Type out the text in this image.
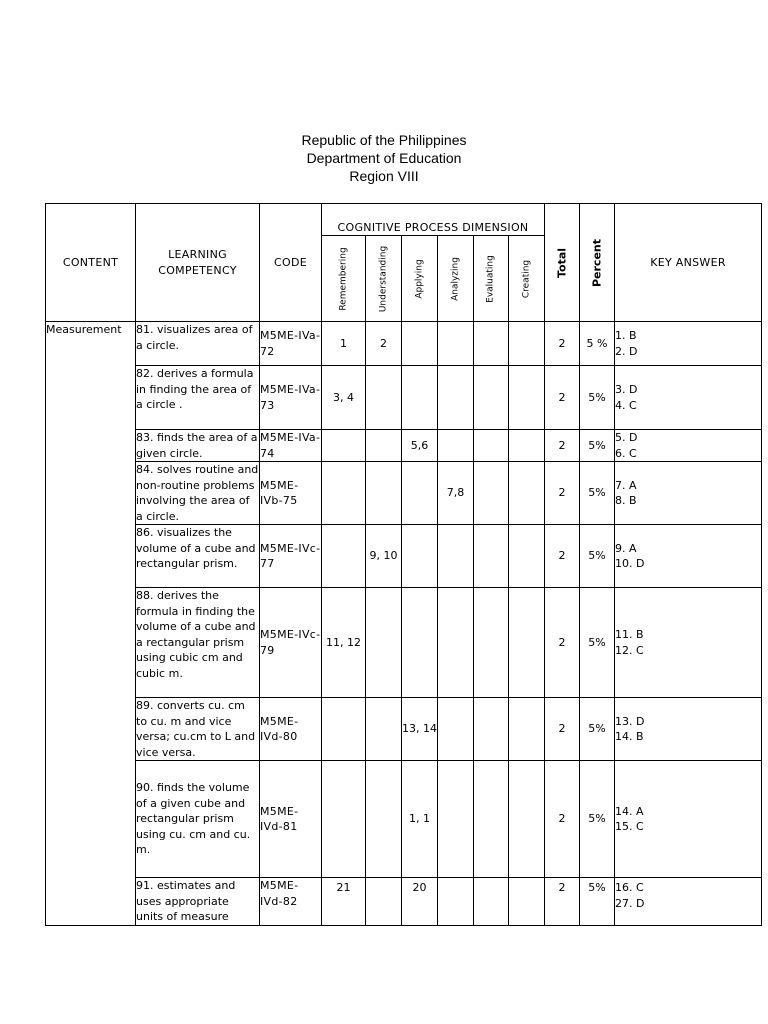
Republic of the Philippines
Department of Education
Region VIII
CONTENT	LEARNING COMPETENCY	CODE	COGNITIVE PROCESS DIMENSION						Total	Percent	KEY ANSWER

			Remembering	Understanding	Applying	Analyzing	Evaluating	Creating			

Measurement	81. visualizes area of a circle.	M5ME-IVa-72	1	2					2	5 %	1. B
2. D

	82. derives a formula in finding the area of a circle .	M5ME-IVa-73	3, 4						2	5%	3. D
4. C

	83. finds the area of a given circle.	M5ME-IVa-74			5,6				2	5%	5. D
6. C

	84. solves routine and non-routine problems involving the area of a circle.	M5ME-IVb-75				7,8			2	5%	7. A
8. B

	86. visualizes the volume of a cube and rectangular prism.	M5ME-IVc-77		9, 10					2	5%	9. A
10. D

	88. derives the formula in finding the volume of a cube and a rectangular prism using cubic cm and cubic m.	M5ME-IVc-79	11, 12						2	5%	11. B
12. C

	89. converts cu. cm to cu. m and vice versa; cu.cm to L and vice versa.	M5ME-IVd-80			13, 14				2	5%	13. D
14. B

	90. finds the volume of a given cube and rectangular prism using cu. cm and cu. m.	M5ME-IVd-81			1, 1				2	5%	14. A
15. C

	91. estimates and uses appropriate units of measure	M5ME-IVd-82	21		20				2	5%	16. C
27. D
